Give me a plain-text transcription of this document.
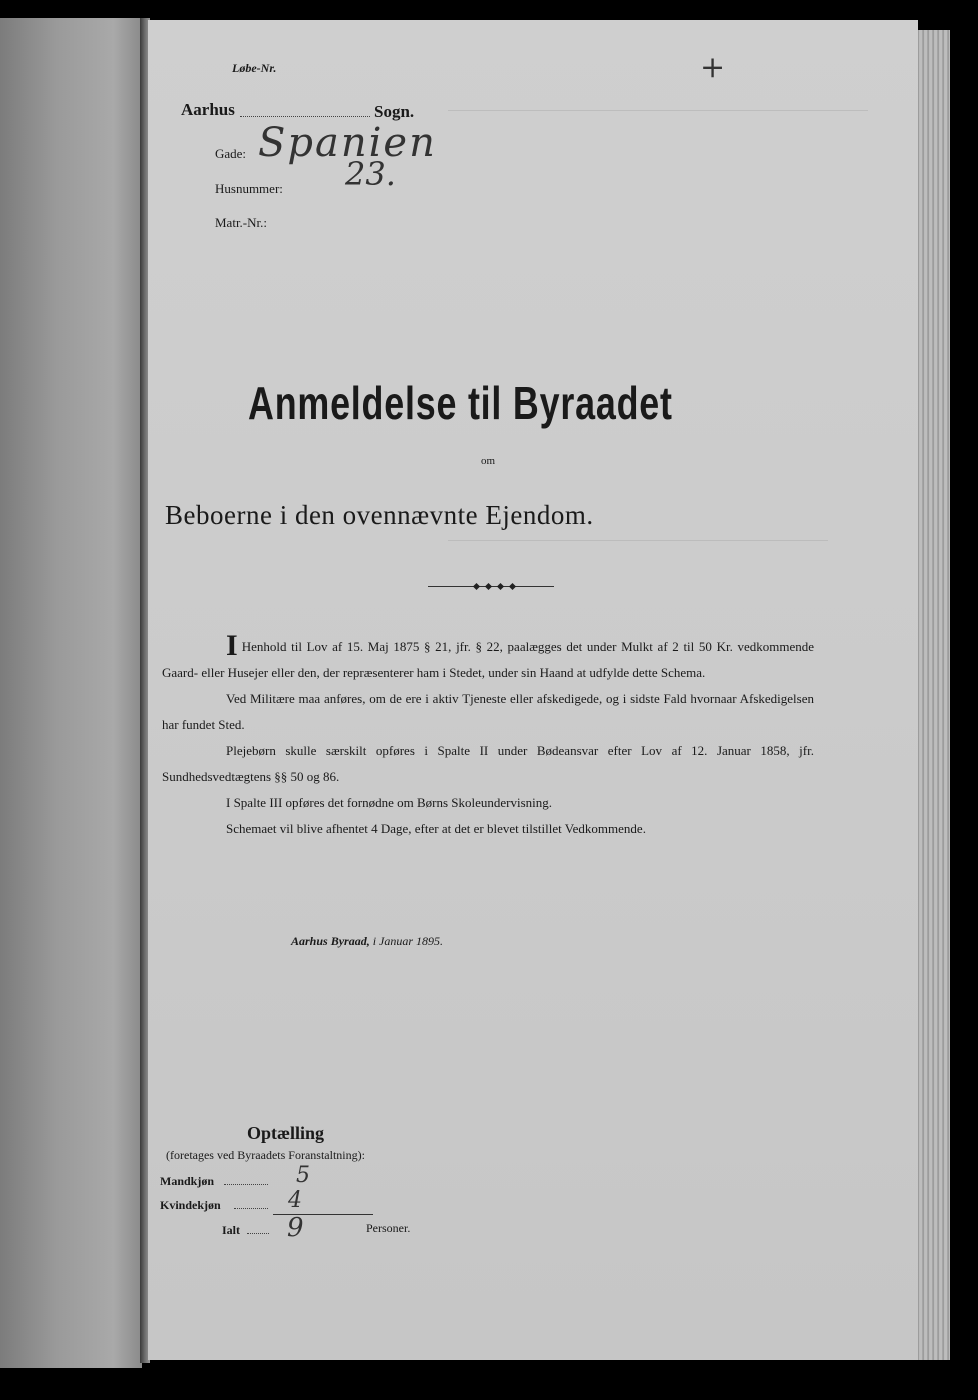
Løbe-Nr.	+
Aarhus	Sogn.
Gade: Spanien
Husnummer: 23.
Matr.-Nr.:
Anmeldelse til Byraadet
om
Beboerne i den ovennævnte Ejendom.

I Henhold til Lov af 15. Maj 1875 § 21, jfr. § 22, paalægges det under Mulkt af 2 til 50 Kr. vedkommende Gaard- eller Husejer eller den, der repræsenterer ham i Stedet, under sin Haand at udfylde dette Schema.

Ved Militære maa anføres, om de ere i aktiv Tjeneste eller afskedigede, og i sidste Fald hvornaar Afskedigelsen har fundet Sted.

Plejebørn skulle særskilt opføres i Spalte II under Bødeansvar efter Lov af 12. Januar 1858, jfr. Sundhedsvedtægtens §§ 50 og 86.

I Spalte III opføres det fornødne om Børns Skoleundervisning.

Schemaet vil blive afhentet 4 Dage, efter at det er blevet tilstillet Vedkommende.

Aarhus Byraad, i Januar 1895.
Optælling
(foretages ved Byraadets Foranstaltning):
Mandkjøn	5
Kvindekjøn	4
Ialt 9	Personer.
